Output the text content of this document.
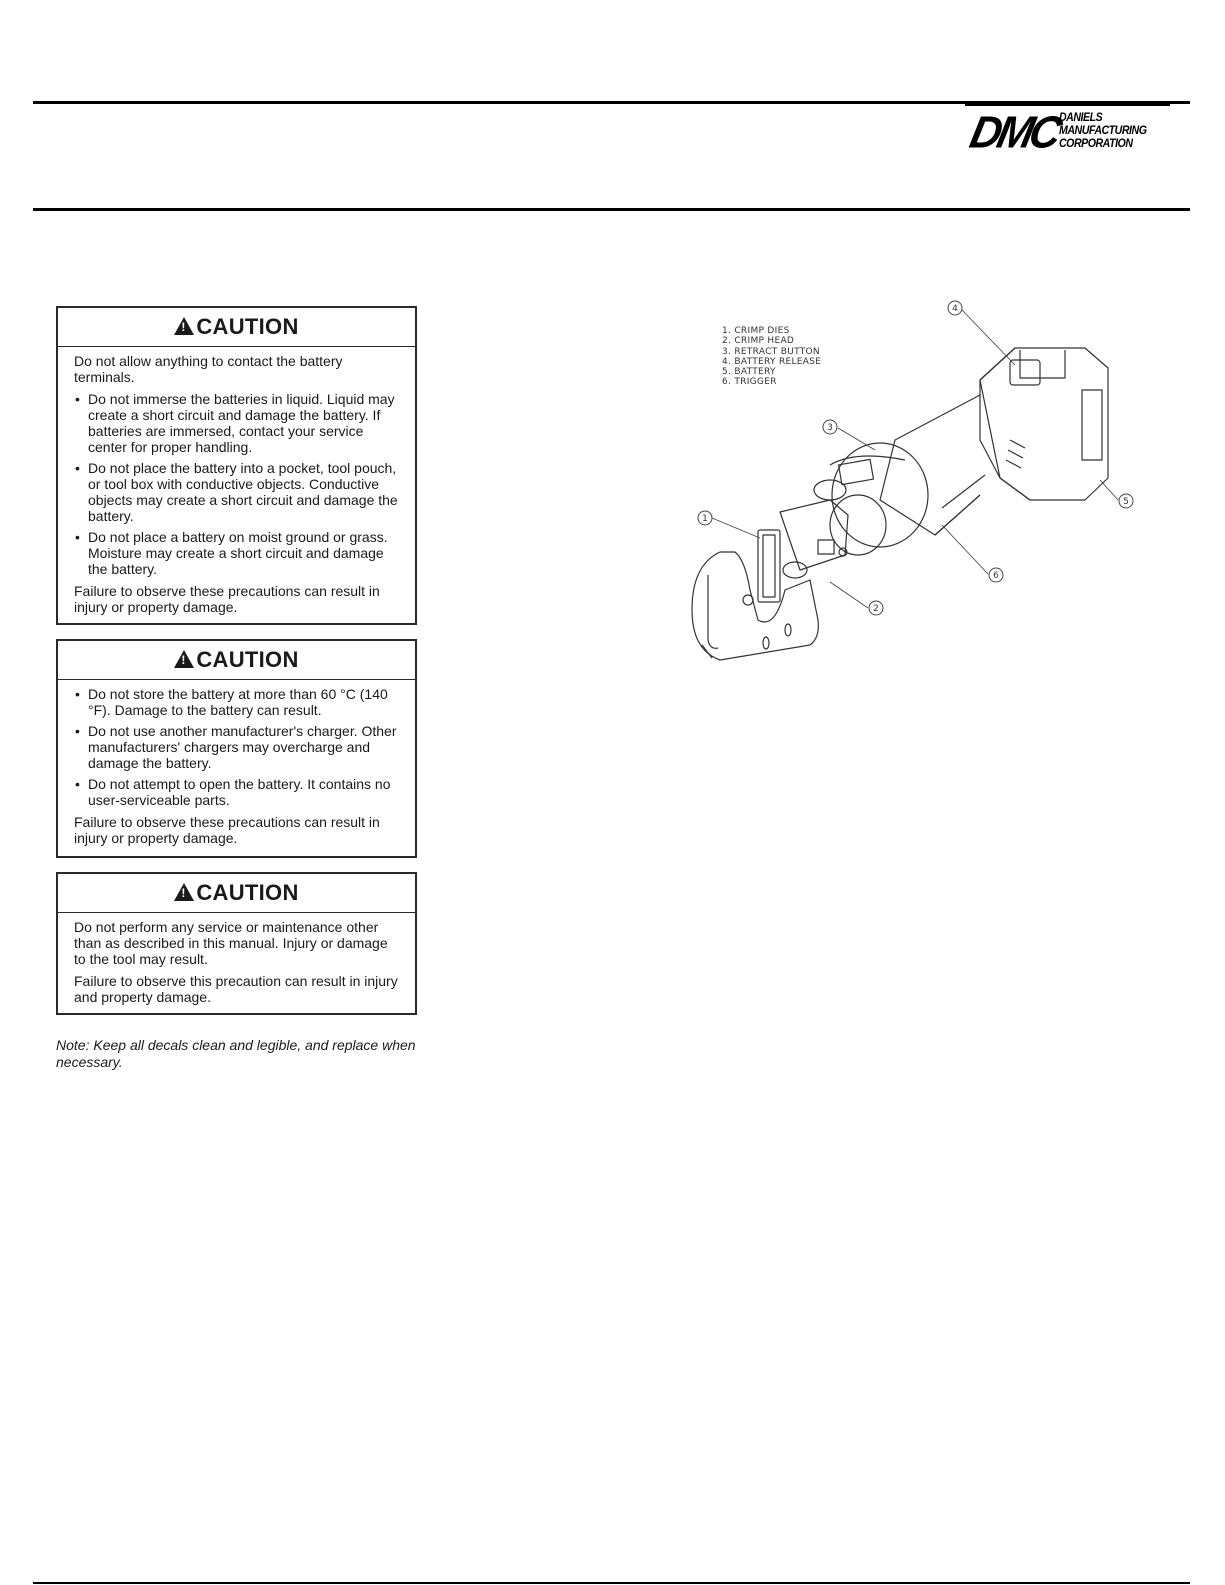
DMC
DANIELS
MANUFACTURING
CORPORATION
!
CAUTION

Do not allow anything to contact the battery terminals.

• Do not immerse the batteries in liquid. Liquid may create a short circuit and damage the battery. If batteries are immersed, contact your service center for proper handling.
• Do not place the battery into a pocket, tool pouch, or tool box with conductive objects. Conductive objects may create a short circuit and damage the battery.
• Do not place a battery on moist ground or grass. Moisture may create a short circuit and damage the battery.

Failure to observe these precautions can result in injury or property damage.

!
CAUTION
• Do not store the battery at more than 60 °C (140 °F). Damage to the battery can result.
• Do not use another manufacturer's charger. Other manufacturers' chargers may overcharge and damage the battery.
• Do not attempt to open the battery. It contains no user-serviceable parts.

Failure to observe these precautions can result in injury or property damage.

!
CAUTION

Do not perform any service or maintenance other than as described in this manual. Injury or damage to the tool may result.

Failure to observe this precaution can result in injury and property damage.

Note: Keep all decals clean and legible, and replace when necessary.
1
2
3
4
5
6
1. CRIMP DIES
2. CRIMP HEAD
3. RETRACT BUTTON
4. BATTERY RELEASE
5. BATTERY
6. TRIGGER
